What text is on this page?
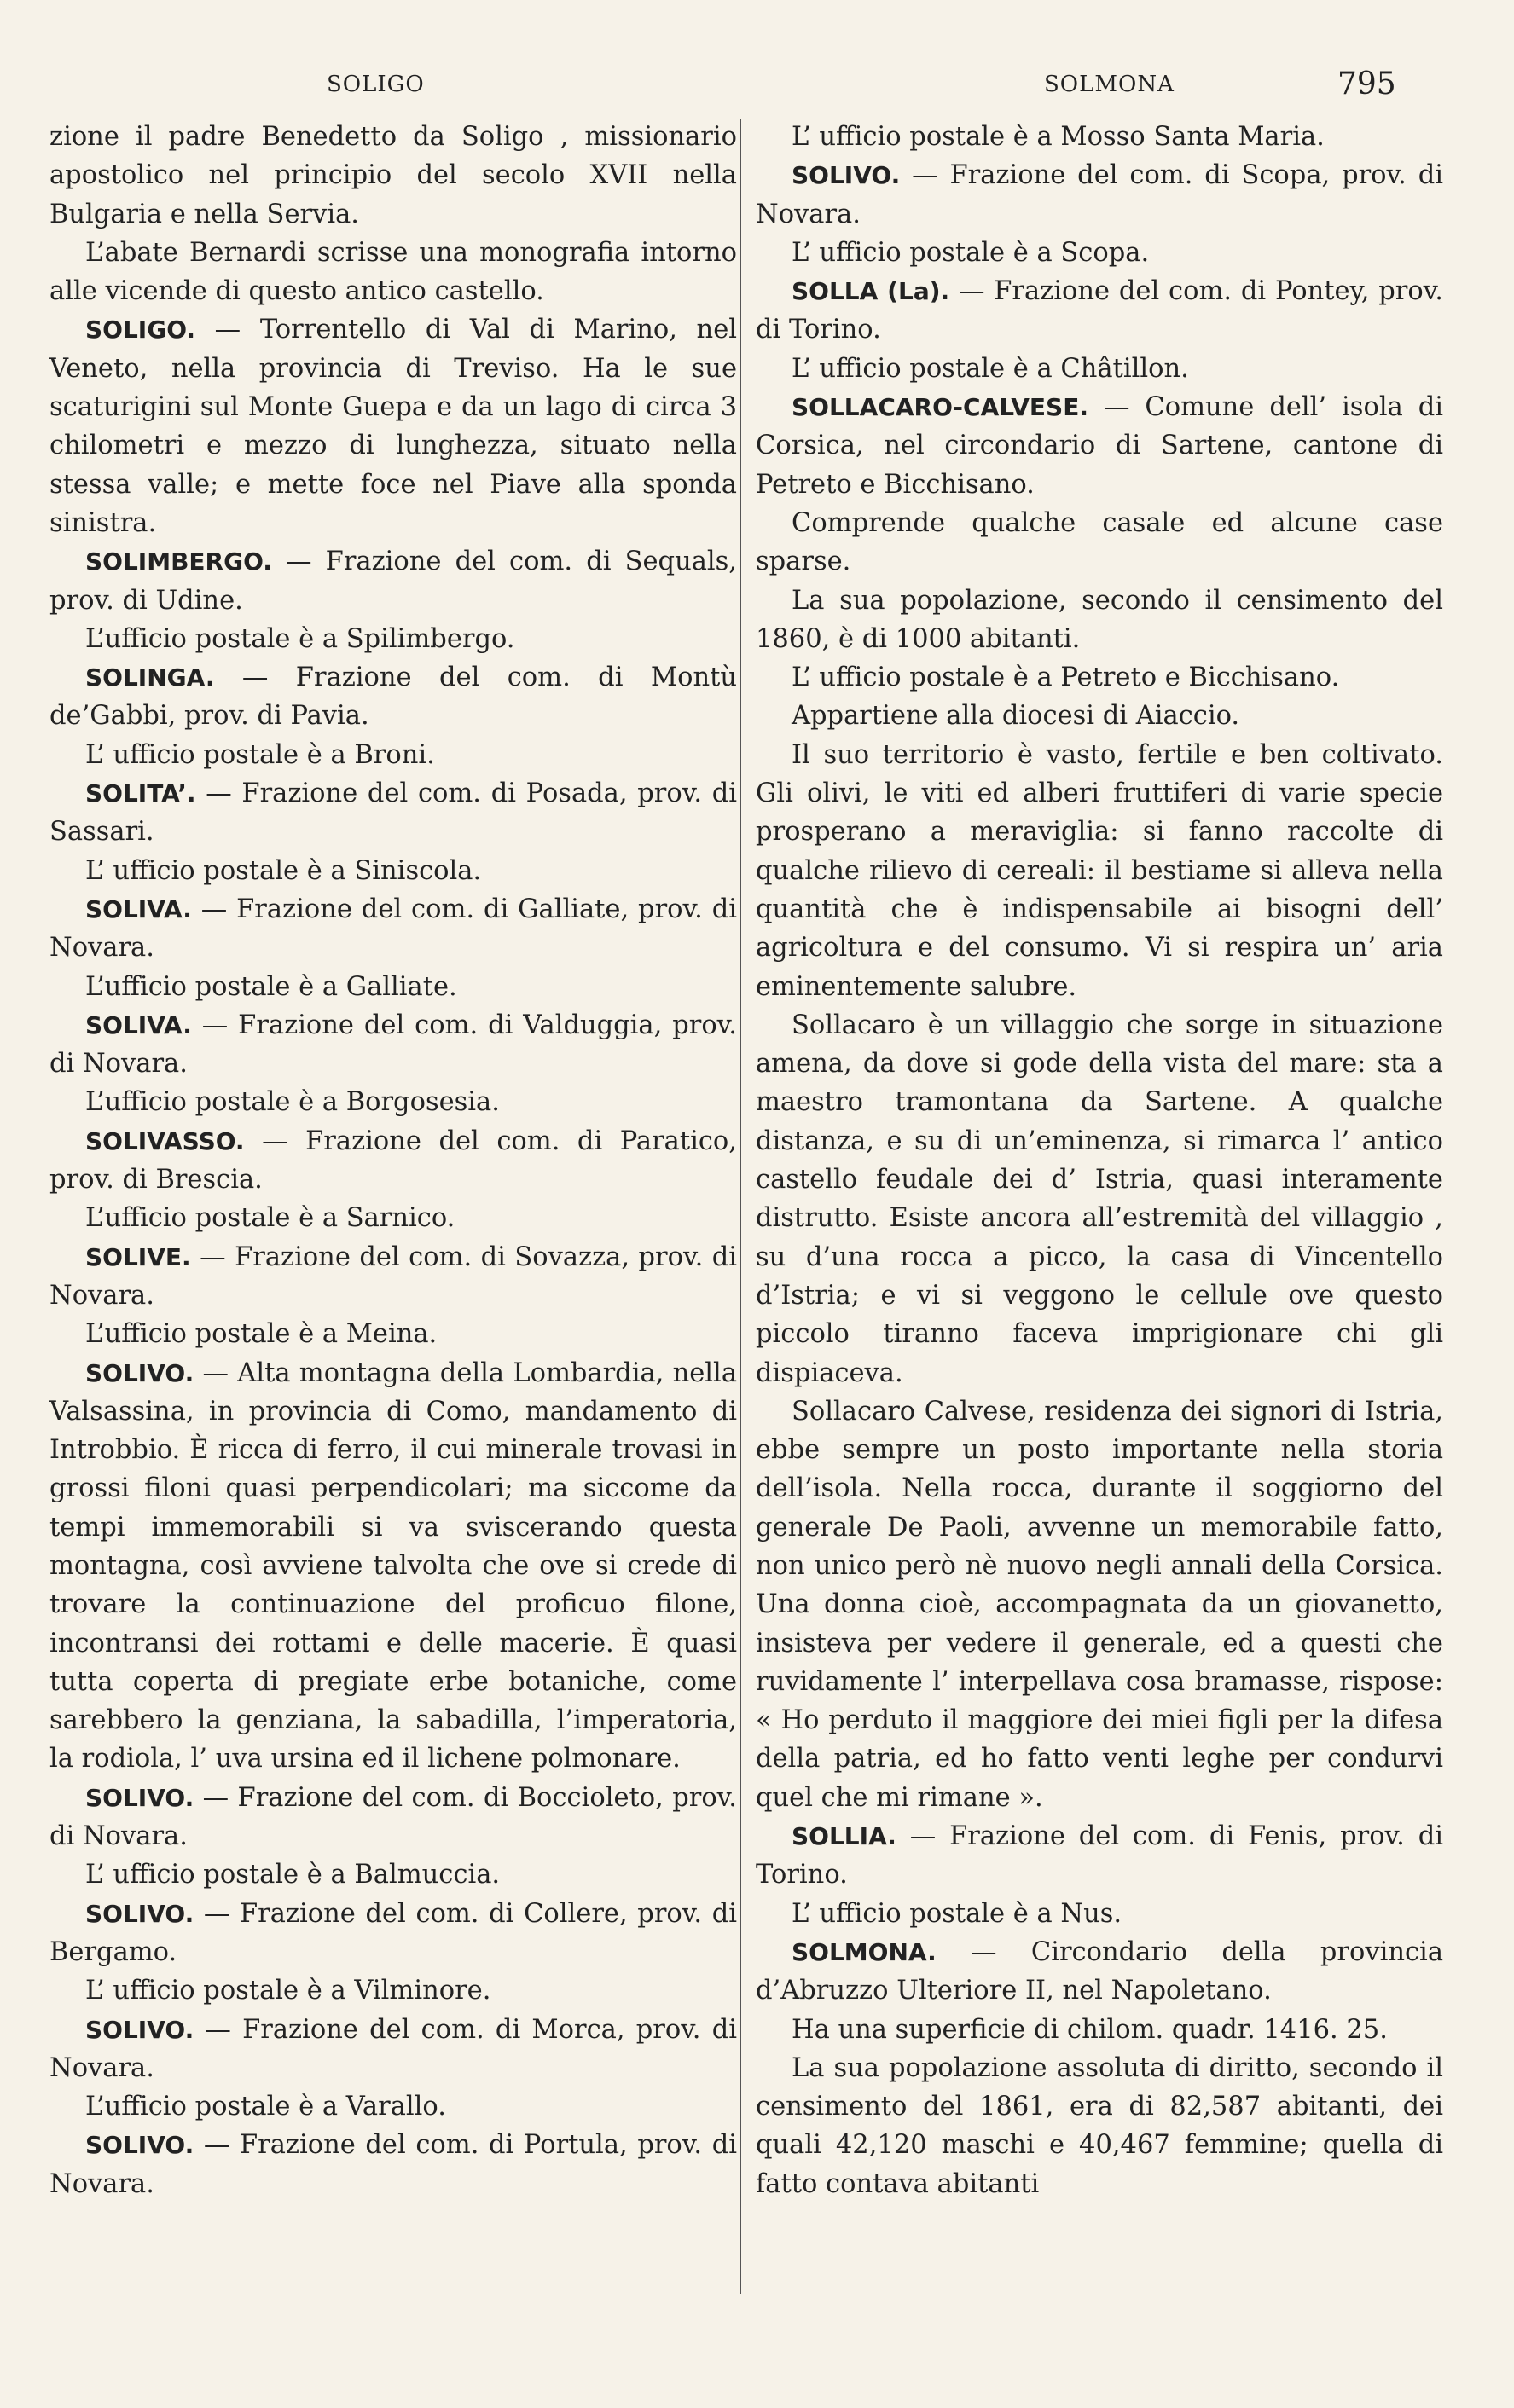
SOLIGO	SOLMONA	795

zione il padre Benedetto da Soligo , missionario apostolico nel principio del secolo XVII nella Bulgaria e nella Servia.

L’abate Bernardi scrisse una monografia intorno alle vicende di questo antico castello.

SOLIGO. — Torrentello di Val di Marino, nel Veneto, nella provincia di Treviso. Ha le sue scaturigini sul Monte Guepa e da un lago di circa 3 chilometri e mezzo di lunghezza, situato nella stessa valle; e mette foce nel Piave alla sponda sinistra.

SOLIMBERGO. — Frazione del com. di Sequals, prov. di Udine.

L’ufficio postale è a Spilimbergo.

SOLINGA. — Frazione del com. di Montù de’Gabbi, prov. di Pavia.

L’ ufficio postale è a Broni.

SOLITA’. — Frazione del com. di Posada, prov. di Sassari.

L’ ufficio postale è a Siniscola.

SOLIVA. — Frazione del com. di Galliate, prov. di Novara.

L’ufficio postale è a Galliate.

SOLIVA. — Frazione del com. di Valduggia, prov. di Novara.

L’ufficio postale è a Borgosesia.

SOLIVASSO. — Frazione del com. di Paratico, prov. di Brescia.

L’ufficio postale è a Sarnico.

SOLIVE. — Frazione del com. di Sovazza, prov. di Novara.

L’ufficio postale è a Meina.

SOLIVO. — Alta montagna della Lombardia, nella Valsassina, in provincia di Como, mandamento di Introbbio. È ricca di ferro, il cui minerale trovasi in grossi filoni quasi perpendicolari; ma siccome da tempi immemorabili si va sviscerando questa montagna, così avviene talvolta che ove si crede di trovare la continuazione del proficuo filone, incontransi dei rottami e delle macerie. È quasi tutta coperta di pregiate erbe botaniche, come sarebbero la genziana, la sabadilla, l’imperatoria, la rodiola, l’ uva ursina ed il lichene polmonare.

SOLIVO. — Frazione del com. di Boccioleto, prov. di Novara.

L’ ufficio postale è a Balmuccia.

SOLIVO. — Frazione del com. di Collere, prov. di Bergamo.

L’ ufficio postale è a Vilminore.

SOLIVO. — Frazione del com. di Morca, prov. di Novara.

L’ufficio postale è a Varallo.

SOLIVO. — Frazione del com. di Portula, prov. di Novara.

L’ ufficio postale è a Mosso Santa Maria.

SOLIVO. — Frazione del com. di Scopa, prov. di Novara.

L’ ufficio postale è a Scopa.

SOLLA (La). — Frazione del com. di Pontey, prov. di Torino.

L’ ufficio postale è a Châtillon.

SOLLACARO-CALVESE. — Comune dell’ isola di Corsica, nel circondario di Sartene, cantone di Petreto e Bicchisano.

Comprende qualche casale ed alcune case sparse.

La sua popolazione, secondo il censimento del 1860, è di 1000 abitanti.

L’ ufficio postale è a Petreto e Bicchisano.

Appartiene alla diocesi di Aiaccio.

Il suo territorio è vasto, fertile e ben coltivato. Gli olivi, le viti ed alberi fruttiferi di varie specie prosperano a meraviglia: si fanno raccolte di qualche rilievo di cereali: il bestiame si alleva nella quantità che è indispensabile ai bisogni dell’ agricoltura e del consumo. Vi si respira un’ aria eminentemente salubre.

Sollacaro è un villaggio che sorge in situazione amena, da dove si gode della vista del mare: sta a maestro tramontana da Sartene. A qualche distanza, e su di un’eminenza, si rimarca l’ antico castello feudale dei d’ Istria, quasi interamente distrutto. Esiste ancora all’estremità del villaggio , su d’una rocca a picco, la casa di Vincentello d’Istria; e vi si veggono le cellule ove questo piccolo tiranno faceva imprigionare chi gli dispiaceva.

Sollacaro Calvese, residenza dei signori di Istria, ebbe sempre un posto importante nella storia dell’isola. Nella rocca, durante il soggiorno del generale De Paoli, avvenne un memorabile fatto, non unico però nè nuovo negli annali della Corsica. Una donna cioè, accompagnata da un giovanetto, insisteva per vedere il generale, ed a questi che ruvidamente l’ interpellava cosa bramasse, rispose: « Ho perduto il maggiore dei miei figli per la difesa della patria, ed ho fatto venti leghe per condurvi quel che mi rimane ».

SOLLIA. — Frazione del com. di Fenis, prov. di Torino.

L’ ufficio postale è a Nus.

SOLMONA. — Circondario della provincia d’Abruzzo Ulteriore II, nel Napoletano.

Ha una superficie di chilom. quadr. 1416. 25.

La sua popolazione assoluta di diritto, secondo il censimento del 1861, era di 82,587 abitanti, dei quali 42,120 maschi e 40,467 femmine; quella di fatto contava abitanti
